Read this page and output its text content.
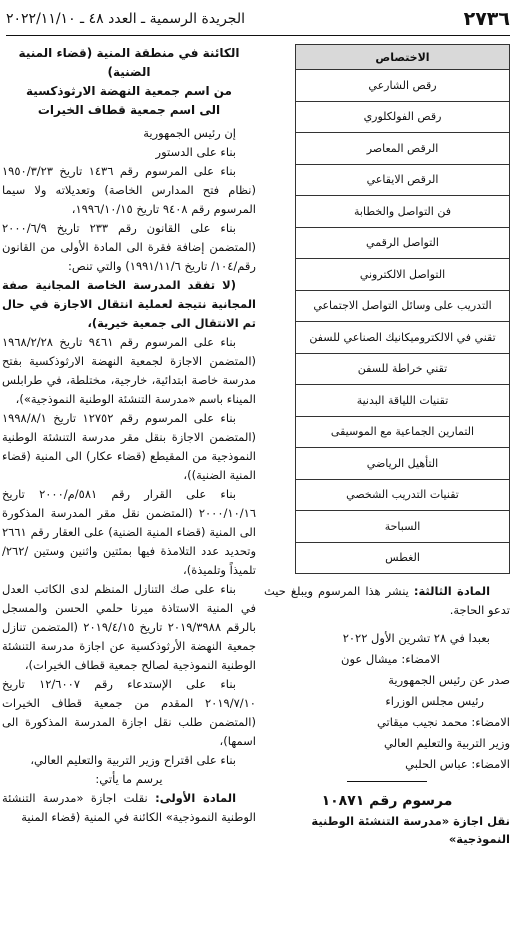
٢٧٣٦
الجريدة الرسمية ـ العدد ٤٨ ـ ٢٠٢٢/١١/١٠
الاختصاص
رقص الشارعي
رقص الفولكلوري
الرقص المعاصر
الرقص الايقاعي
فن التواصل والخطابة
التواصل الرقمي
التواصل الالكتروني
التدريب على وسائل التواصل الاجتماعي
تقني في الالكتروميكانيك الصناعي للسفن
تقني خراطة للسفن
تقنيات اللياقة البدنية
التمارين الجماعية مع الموسيقى
التأهيل الرياضي
تقنيات التدريب الشخصي
السباحة
الغطس

المادة الثالثة: ينشر هذا المرسوم ويبلغ حيث تدعو الحاجة.

بعبدا في ٢٨ تشرين الأول ٢٠٢٢

الامضاء: ميشال عون

صدر عن رئيس الجمهورية

رئيس مجلس الوزراء

الامضاء: محمد نجيب ميقاتي

وزير التربية والتعليم العالي

الامضاء: عباس الحلبي

مرسوم رقم ١٠٨٧١

نقل اجازة «مدرسة التنشئة الوطنية النموذجية»

الكائنة في منطقة المنية (قضاء المنية الضنية)

من اسم جمعية النهضة الارثوذكسية

الى اسم جمعية قطاف الخيرات

إن رئيس الجمهورية

بناء على الدستور

بناء على المرسوم رقم ١٤٣٦ تاريخ ١٩٥٠/٣/٢٣ (نظام فتح المدارس الخاصة) وتعديلاته ولا سيما المرسوم رقم ٩٤٠٨ تاريخ ١٩٩٦/١٠/١٥،

بناء على القانون رقم ٢٣٣ تاريخ ٢٠٠٠/٦/٩ (المتضمن إضافة فقرة الى المادة الأولى من القانون رقم/١٠٤/ تاريخ ١٩٩١/١١/٦) والتي تنص:

(لا تفقد المدرسة الخاصة المجانية صفة المجانية نتيجة لعملية انتقال الاجازة في حال تم الانتقال الى جمعية خيرية)،

بناء على المرسوم رقم ٩٤٦١ تاريخ ١٩٦٨/٢/٢٨ (المتضمن الاجازة لجمعية النهضة الارثوذكسية بفتح مدرسة خاصة ابتدائية، خارجية، مختلطة، في طرابلس الميناء باسم «مدرسة التنشئة الوطنية النموذجية»)،

بناء على المرسوم رقم ١٢٧٥٢ تاريخ ١٩٩٨/٨/١ (المتضمن الاجازة بنقل مقر مدرسة التنشئة الوطنية النموذجية من المقيطع (قضاء عكار) الى المنية (قضاء المنية الضنية))،

بناء على القرار رقم ٥٨١/م/٢٠٠٠ تاريخ ٢٠٠٠/١٠/١٦ (المتضمن نقل مقر المدرسة المذكورة الى المنية (قضاء المنية الضنية) على العقار رقم ٢٦٦١ وتحديد عدد التلامذة فيها بمئتين واثنين وستين /٢٦٢/ تلميذاً وتلميذة)،

بناء على صك التنازل المنظم لدى الكاتب العدل في المنية الاستاذة ميرنا حلمي الحسن والمسجل بالرقم ٢٠١٩/٣٩٨٨ تاريخ ٢٠١٩/٤/١٥ (المتضمن تنازل جمعية النهضة الأرثوذكسية عن اجازة مدرسة التنشئة الوطنية النموذجية لصالح جمعية قطاف الخيرات)،

بناء على الإستدعاء رقم ١٢/٦٠٠٧ تاريخ ٢٠١٩/٧/١٠ المقدم من جمعية قطاف الخيرات (المتضمن طلب نقل اجازة المدرسة المذكورة الى اسمها)،

بناء على اقتراح وزير التربية والتعليم العالي،

يرسم ما يأتي:

المادة الأولى: نقلت اجازة «مدرسة التنشئة الوطنية النموذجية» الكائنة في المنية (قضاء المنية
